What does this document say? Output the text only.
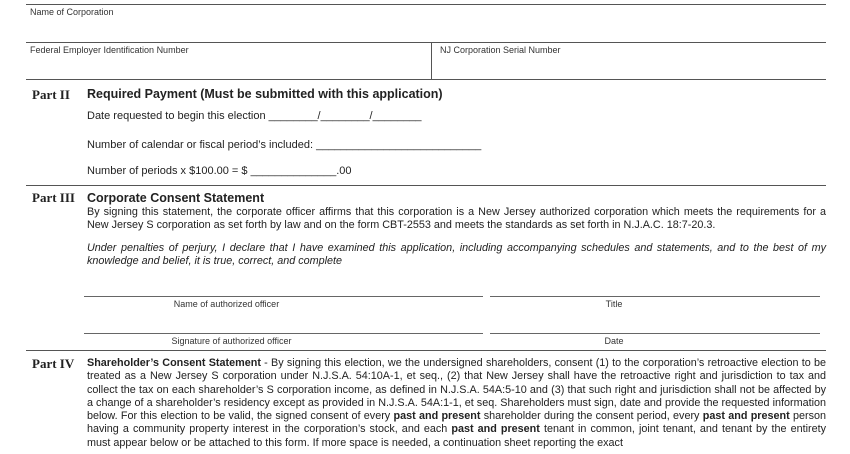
Name of Corporation
Federal Employer Identification Number	NJ Corporation Serial Number
Part II Required Payment (Must be submitted with this application)
Date requested to begin this election ________/________/________
Number of calendar or fiscal period’s included: ___________________________
Number of periods x $100.00 = $ ______________.00
Part III Corporate Consent Statement
By signing this statement, the corporate officer affirms that this corporation is a New Jersey authorized corporation which meets the requirements for a New Jersey S corporation as set forth by law and on the form CBT-2553 and meets the standards as set forth in N.J.A.C. 18:7-20.3.
Under penalties of perjury, I declare that I have examined this application, including accompanying schedules and statements, and to the best of my knowledge and belief, it is true, correct, and complete
Name of authorized officer	Title
Signature of authorized officer	Date
Part IV Shareholder’s Consent Statement - By signing this election, we the undersigned shareholders, consent (1) to the corporation’s retroactive election to be treated as a New Jersey S corporation under N.J.S.A. 54:10A-1, et seq., (2) that New Jersey shall have the retroactive right and jurisdiction to tax and collect the tax on each shareholder’s S corporation income, as defined in N.J.S.A. 54A:5-10 and (3) that such right and jurisdiction shall not be affected by a change of a shareholder’s residency except as provided in N.J.S.A. 54A:1-1, et seq. Shareholders must sign, date and provide the requested information below. For this election to be valid, the signed consent of every past and present shareholder during the consent period, every past and present person having a community property interest in the corporation’s stock, and each past and present tenant in common, joint tenant, and tenant by the entirety must appear below or be attached to this form. If more space is needed, a continuation sheet reporting the exact
